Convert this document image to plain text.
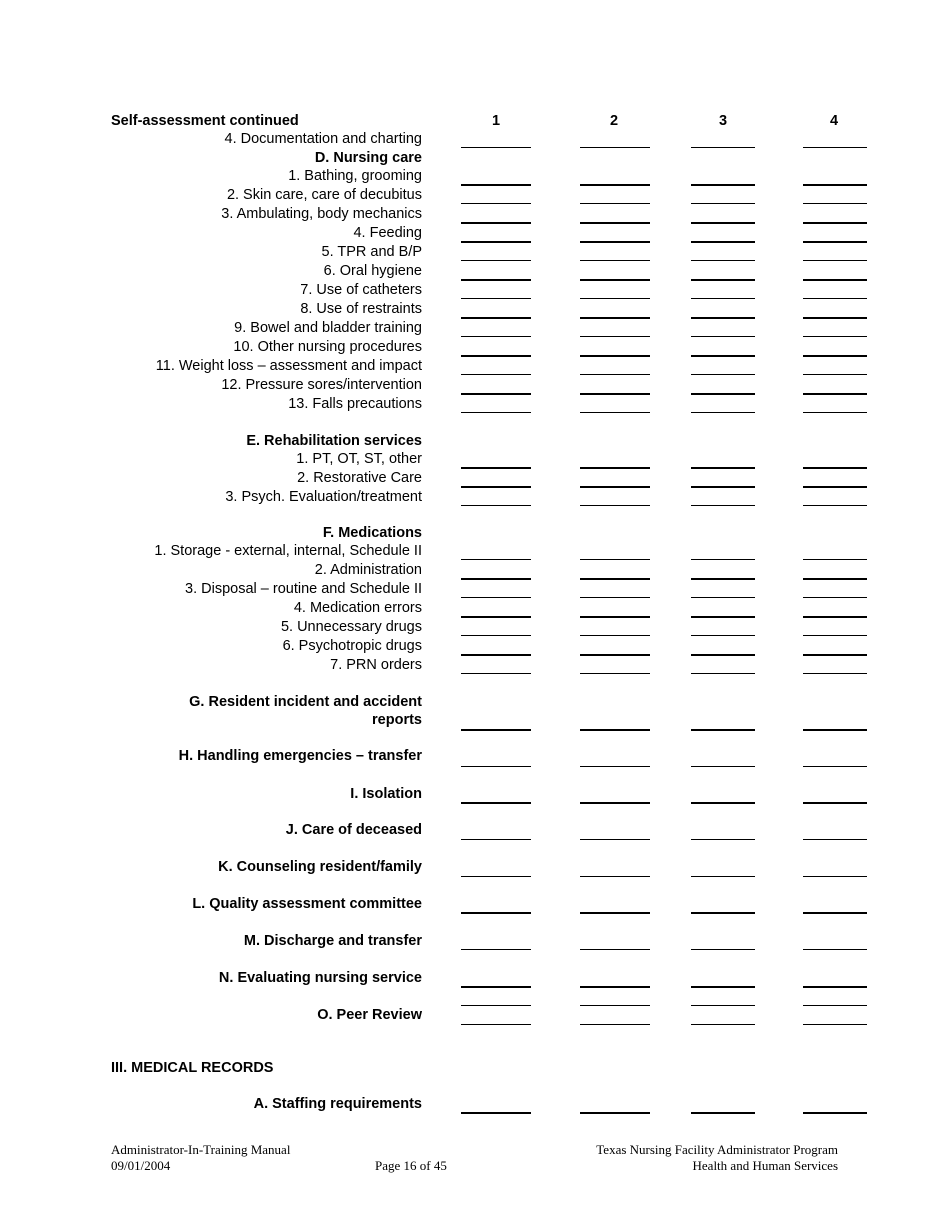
Self-assessment continued	1	2	3	4
4. Documentation and charting
D. Nursing care
1. Bathing, grooming
2. Skin care, care of decubitus
3. Ambulating, body mechanics
4. Feeding
5. TPR and B/P
6. Oral hygiene
7. Use of catheters
8. Use of restraints
9. Bowel and bladder training
10. Other nursing procedures
11. Weight loss – assessment and impact
12. Pressure sores/intervention
13. Falls precautions
E. Rehabilitation services
1. PT, OT, ST, other
2. Restorative Care
3. Psych. Evaluation/treatment
F. Medications
1. Storage - external, internal, Schedule II
2. Administration
3. Disposal – routine and Schedule II
4. Medication errors
5. Unnecessary drugs
6. Psychotropic drugs
7. PRN orders
G. Resident incident and accident
reports
H. Handling emergencies – transfer
I. Isolation
J. Care of deceased
K. Counseling resident/family
L. Quality assessment committee
M. Discharge and transfer
N. Evaluating nursing service
O. Peer Review
III. MEDICAL RECORDS
A. Staffing requirements
Administrator-In-Training Manual
09/01/2004	Page 16 of 45
Texas Nursing Facility Administrator Program
Health and Human Services
